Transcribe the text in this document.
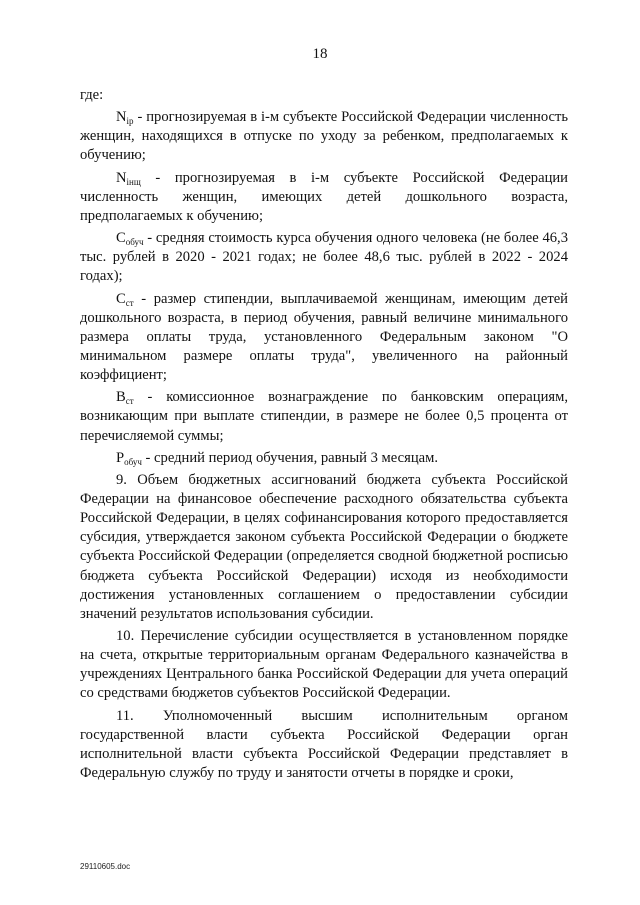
18

где:

$N_{iр}$ - прогнозируемая в i-м субъекте Российской Федерации численность женщин, находящихся в отпуске по уходу за ребенком, предполагаемых к обучению;

$N_{iнщ}$ - прогнозируемая в i-м субъекте Российской Федерации численность женщин, имеющих детей дошкольного возраста, предполагаемых к обучению;

$С_{обуч}$ - средняя стоимость курса обучения одного человека (не более 46,3 тыс. рублей в 2020 - 2021 годах; не более 48,6 тыс. рублей в 2022 - 2024 годах);

$С_{ст}$ - размер стипендии, выплачиваемой женщинам, имеющим детей дошкольного возраста, в период обучения, равный величине минимального размера оплаты труда, установленного Федеральным законом "О минимальном размере оплаты труда", увеличенного на районный коэффициент;

$В_{ст}$ - комиссионное вознаграждение по банковским операциям, возникающим при выплате стипендии, в размере не более 0,5 процента от перечисляемой суммы;

$Р_{обуч}$ - средний период обучения, равный 3 месяцам.

9. Объем бюджетных ассигнований бюджета субъекта Российской Федерации на финансовое обеспечение расходного обязательства субъекта Российской Федерации, в целях софинансирования которого предоставляется субсидия, утверждается законом субъекта Российской Федерации о бюджете субъекта Российской Федерации (определяется сводной бюджетной росписью бюджета субъекта Российской Федерации) исходя из необходимости достижения установленных соглашением о предоставлении субсидии значений результатов использования субсидии.

10. Перечисление субсидии осуществляется в установленном порядке на счета, открытые территориальным органам Федерального казначейства в учреждениях Центрального банка Российской Федерации для учета операций со средствами бюджетов субъектов Российской Федерации.

11. Уполномоченный высшим исполнительным органом государственной власти субъекта Российской Федерации орган исполнительной власти субъекта Российской Федерации представляет в Федеральную службу по труду и занятости отчеты в порядке и сроки,

29110605.doc
